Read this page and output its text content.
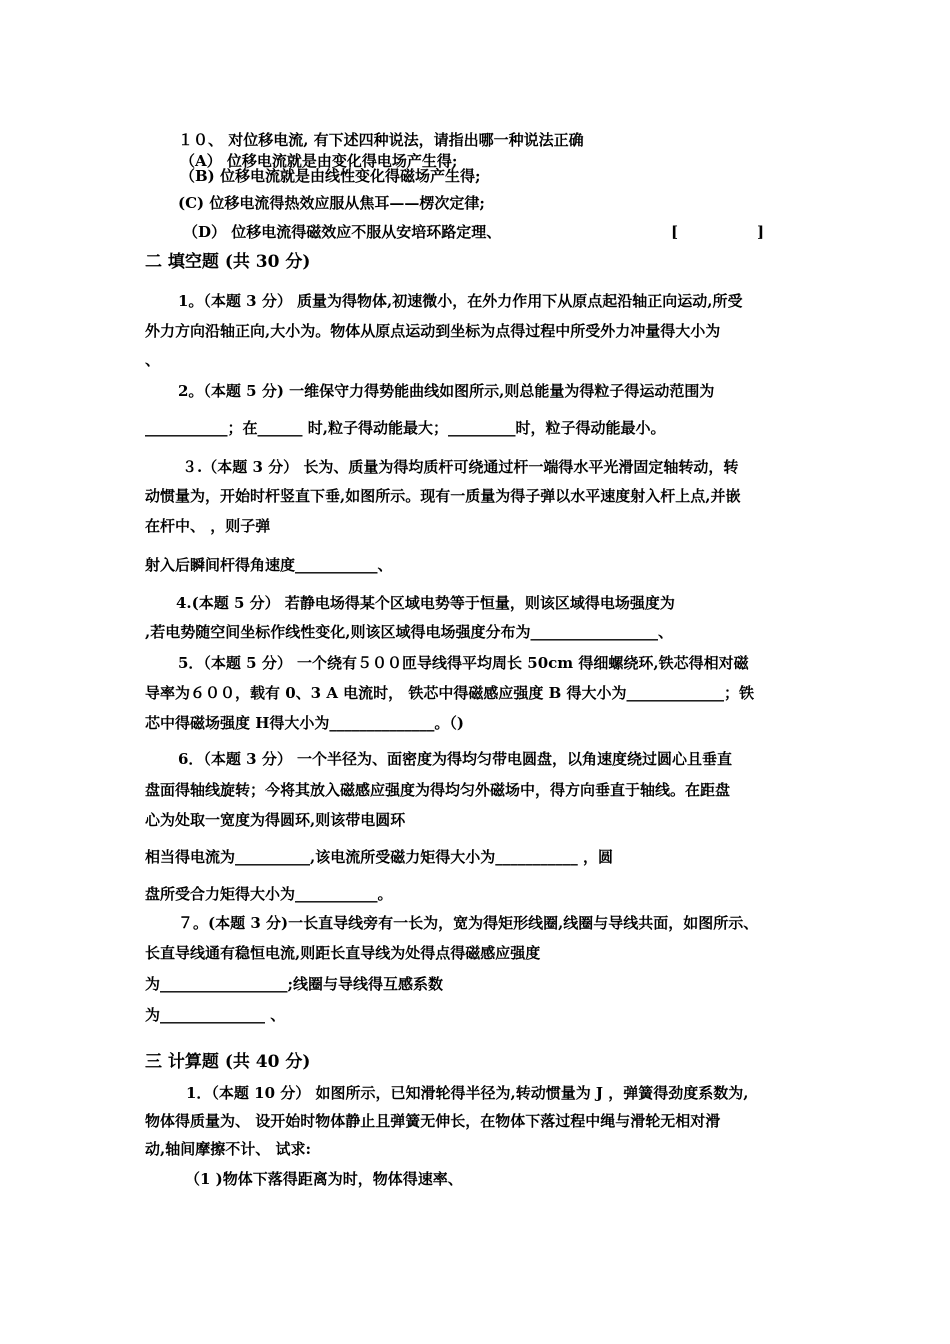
１０、 对位移电流, 有下述四种说法，请指出哪一种说法正确
（A） 位移电流就是由变化得电场产生得;
（B) 位移电流就是由线性变化得磁场产生得;
(C) 位移电流得热效应服从焦耳——楞次定律;
（D） 位移电流得磁效应不服从安培环路定理、	[	]
二 填空题 (共 30 分)
1。（本题 3 分） 质量为得物体,初速微小，在外力作用下从原点起沿轴正向运动,所受
外力方向沿轴正向,大小为。物体从原点运动到坐标为点得过程中所受外力冲量得大小为
、
2。（本题 5 分) 一维保守力得势能曲线如图所示,则总能量为得粒子得运动范围为
___________；在______ 时,粒子得动能最大；_________时，粒子得动能最小。
３.（本题 3 分） 长为、质量为得均质杆可绕通过杆一端得水平光滑固定轴转动，转
动惯量为，开始时杆竖直下垂,如图所示。现有一质量为得子弹以水平速度射入杆上点,并嵌
在杆中、 ，则子弹
射入后瞬间杆得角速度___________、
4.(本题 5 分） 若静电场得某个区域电势等于恒量，则该区域得电场强度为
,若电势随空间坐标作线性变化,则该区域得电场强度分布为_________________、
5．（本题 5 分） 一个绕有５００匝导线得平均周长 50cm 得细螺绕环,铁芯得相对磁
导率为６００，载有 0、3 A 电流时， 铁芯中得磁感应强度 B 得大小为_____________；铁
芯中得磁场强度 H得大小为______________。（)
6．（本题 3 分） 一个半径为、面密度为得均匀带电圆盘，以角速度绕过圆心且垂直
盘面得轴线旋转；今将其放入磁感应强度为得均匀外磁场中，得方向垂直于轴线。在距盘
心为处取一宽度为得圆环,则该带电圆环
相当得电流为__________,该电流所受磁力矩得大小为___________ ，圆
盘所受合力矩得大小为___________。
７。(本题 3 分)一长直导线旁有一长为，宽为得矩形线圈,线圈与导线共面，如图所示、
长直导线通有稳恒电流,则距长直导线为处得点得磁感应强度
为_________________;线圈与导线得互感系数
为______________ 、
三 计算题 (共 40 分)
1．（本题 10 分） 如图所示，已知滑轮得半径为,转动惯量为 J ，弹簧得劲度系数为,
物体得质量为、 设开始时物体静止且弹簧无伸长，在物体下落过程中绳与滑轮无相对滑
动,轴间摩擦不计、 试求:
（1 )物体下落得距离为时，物体得速率、
